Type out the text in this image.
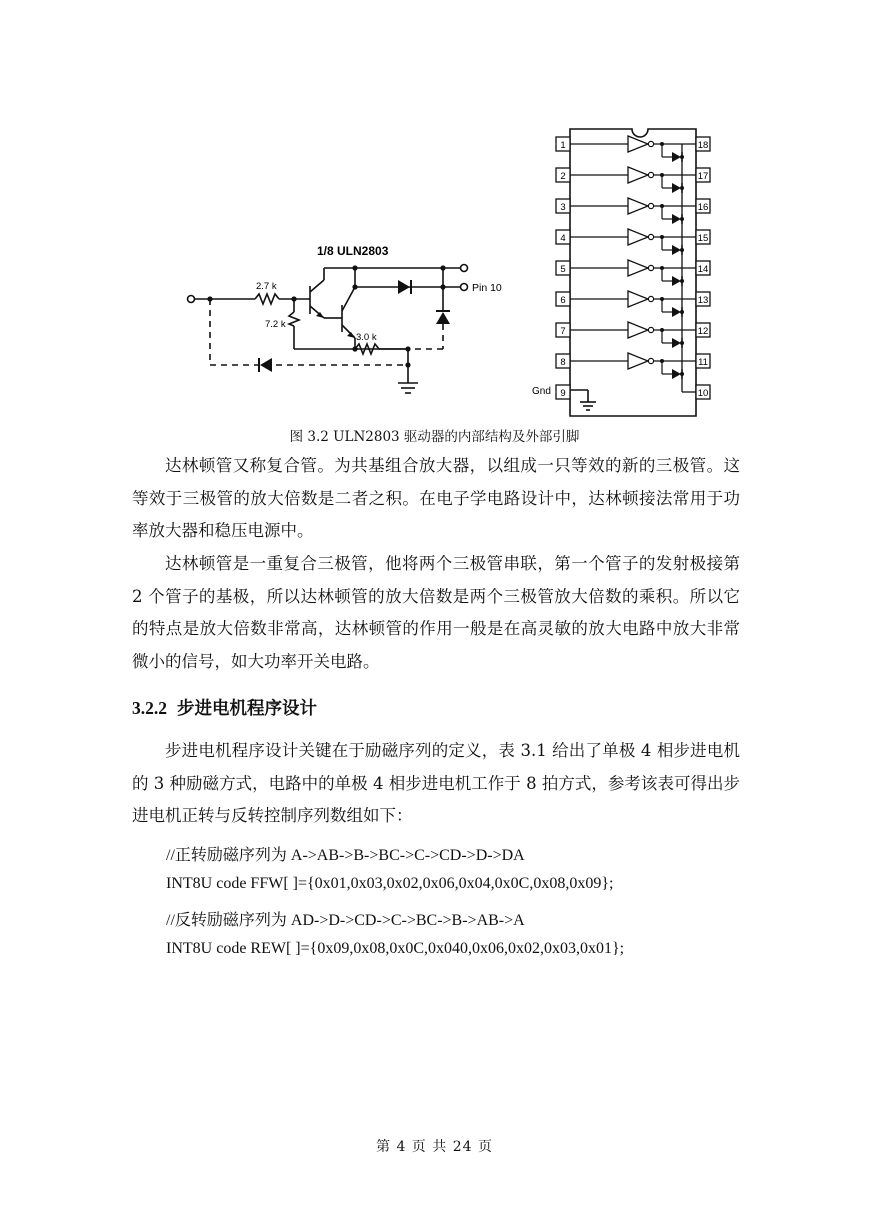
1/8 ULN2803
2.7 k
7.2 k
3.0 k
Pin 10
1	18
2	17
3	16
4	15
5	14
6	13
7	12
8	11
9	10
Gnd
图 3.2 ULN2803 驱动器的内部结构及外部引脚

达林顿管又称复合管。为共基组合放大器，以组成一只等效的新的三极管。这等效于三极管的放大倍数是二者之积。在电子学电路设计中，达林顿接法常用于功率放大器和稳压电源中。

达林顿管是一重复合三极管，他将两个三极管串联，第一个管子的发射极接第 2 个管子的基极，所以达林顿管的放大倍数是两个三极管放大倍数的乘积。所以它的特点是放大倍数非常高，达林顿管的作用一般是在高灵敏的放大电路中放大非常微小的信号，如大功率开关电路。

3.2.2 步进电机程序设计

步进电机程序设计关键在于励磁序列的定义，表 3.1 给出了单极 4 相步进电机的 3 种励磁方式，电路中的单极 4 相步进电机工作于 8 拍方式，参考该表可得出步进电机正转与反转控制序列数组如下：

//正转励磁序列为 A->AB->B->BC->C->CD->D->DA
INT8U code FFW[ ]={0x01,0x03,0x02,0x06,0x04,0x0C,0x08,0x09};
//反转励磁序列为 AD->D->CD->C->BC->B->AB->A
INT8U code REW[ ]={0x09,0x08,0x0C,0x040,0x06,0x02,0x03,0x01};
第 4 页 共 24 页
